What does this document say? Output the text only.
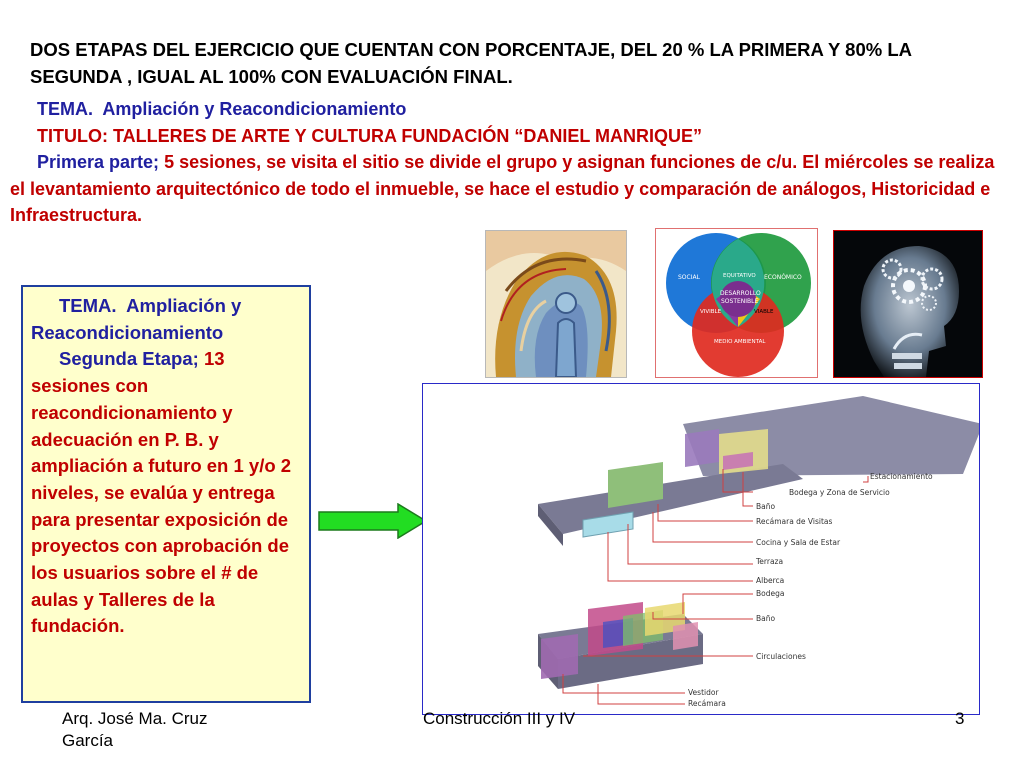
DOS ETAPAS DEL EJERCICIO QUE CUENTAN CON PORCENTAJE, DEL 20 % LA PRIMERA Y 80% LA SEGUNDA , IGUAL AL 100% CON EVALUACIÓN FINAL.

TEMA. Ampliación y Reacondicionamiento

TITULO: TALLERES DE ARTE Y CULTURA FUNDACIÓN “DANIEL MANRIQUE”

Primera parte; 5 sesiones, se visita el sitio se divide el grupo y asignan funciones de c/u. El miércoles se realiza el levantamiento arquitectónico de todo el inmueble, se hace el estudio y comparación de análogos, Historicidad e Infraestructura.

SOCIAL	ECONÓMICO
EQUITATIVO
DESARROLLO
SOSTENIBLE
VIVIBLE	VIABLE
MEDIO AMBIENTAL

TEMA. Ampliación y Reacondicionamiento

Segunda Etapa; 13 sesiones con reacondicionamiento y adecuación en P. B. y ampliación a futuro en 1 y/o 2 niveles, se evalúa y entrega para presentar exposición de proyectos con aprobación de los usuarios sobre el # de aulas y Talleres de la fundación.

Estacionamiento
Bodega y Zona de Servicio
Baño
Recámara de Visitas
Cocina y Sala de Estar
Terraza
Alberca
Bodega
Baño
Circulaciones
Vestidor
Recámara
Arq. José Ma. Cruz García
Construcción III y IV	3
